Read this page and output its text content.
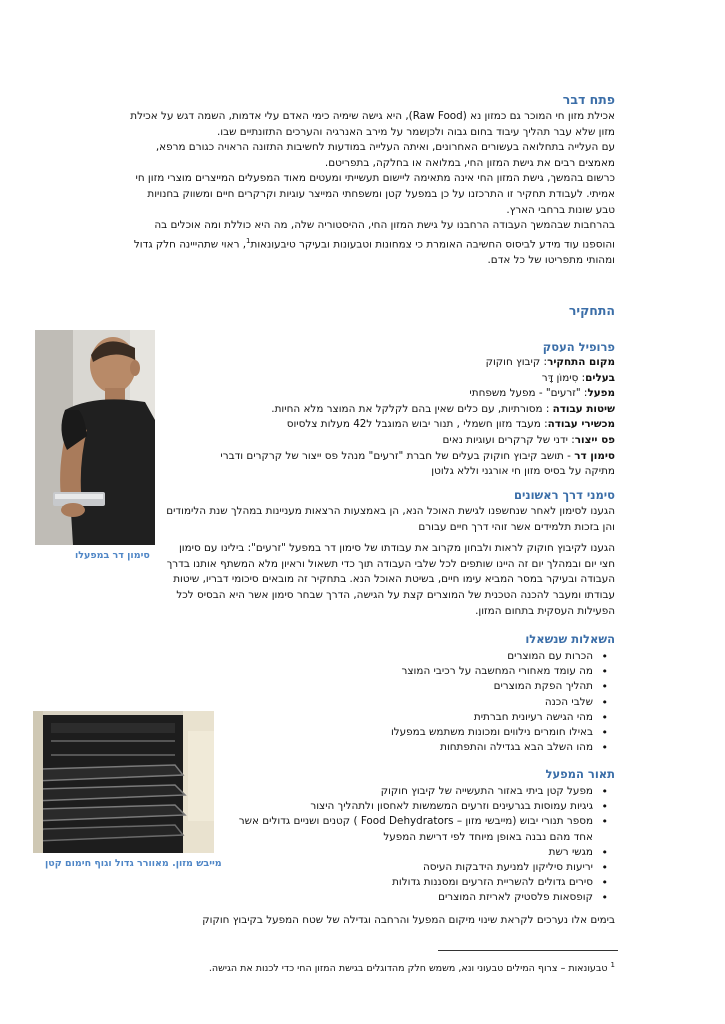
פתח דבר

אכילת מזון חי המוכר גם כמזון נא (Raw Food), היא גישה שימיה כימי האדם עלי אדמות, השמה דגש על אכילת מזון שלא עבר תהליך עיבוד בחום גבוה ולכןשמר על מירב האנרגיה והערכים התזונתיים שבו.

עם העלייה בתחלואה בעשורים האחרונים, ואיתה העלייה במודעות לחשיבות התזונה הראויה כגורם מרפא, מאמצים רבים את גישת המזון החי, במלואה או בחלקה, בתפריטם.

כרשום בהמשך, גישת המזון החי אינה מתאימה ליישום תעשייתי ומעטים מאוד המפעלים המייצרים מוצרי מזון חי אמיתי. לעבודת תחקיר זו התרכזנו על כן במפעל קטן ומשפחתי המייצר עוגיות וקרקרים חיים ומשווק בחנויות טבע שונות ברחבי הארץ.

בהרחבות שבהמשך העבודה הרחבנו על גישת המזון החי, ההיסטוריה שלה, מה היא כוללת ומה אוכלים בה והוספנו עוד מידע לביסוס החשיבה האומרת כי צמחונות וטבעונות ובעיקר טיבעונאות$^1$, ראוי שתהייינה חלק גדול ומהותי מתפריטו של כל אדם.

התחקיר
פרופיל העסק

מקום התחקיר: קיבוץ חוקוק

בעלים: סִימוֹן דָּר

מפעל: "זרעים" - מפעל משפחתי

שיטות עבודה : מסורתיות, עם כלים שאין בהם לקלקל את המוצר מלא החיות.

מכשירי עבודה: מעבד מזון חשמלי , תנור יבוש המוגבל ל42 מעלות צלסיוס

פס ייצור: ידני של קרקרים ועוגיות נאים

סימון דר - תושב קיבוץ חוקוק בעלים של חברת "זרעים" מנהל פס ייצור של קרקרים ודברי מתיקה על בסיס מזון חי אורגני וללא גלוטן

סימני דרך ראשונים

הגענו לסימון לאחר שנחשפנו לגישת האוכל הנא, הן באמצעות הרצאות מעניינות במהלך שנת הלימודים והן בזכות תלמידים אשר זוהי דרך חיים עבורם

הגענו לקיבוץ חוקוק לראות ולבחון מקרוב את עבודתו של סימון דר במפעל "זרעים": בילינו עם סימון חצי יום ובמהלך יום זה היינו שותפים לכל שלבי העבודה תוך כדי תשאול וראיון מלא המשתף אותנו בדרך העבודה ובעיקר במסר המביא עימו חיים, בשיטת האוכל הנא. בתחקיר זה מובאים סיכומי דבריו, שיטות עבודתו ומעבר להכנה הטכנית של המוצרים קצת על הגישה, הדרך שבחר סימון אשר היא הבסיס לכל הפעילות העסקית בתחום המזון.

השאלות שנשאלו
• הכרות עם המוצרים
• מה עומד מאחורי המחשבה על רכיבי המוצר
• תהליך הפקת המוצרים
• שלבי הכנה
• מהי הגישה רעיונית חברתית
• באילו חומרים נילווים ומכונות משתמש במפעלו
• מהו השלב הבא בגדילה והתפתחות
תאור המפעל
• מפעל קטן ביתי באזור התעשייה של קיבוץ חוקוק
• גיגיות עמוסות בגרעינים וזרעים המשמשות לאחסון ולתהליך היצור
• מספר תנורי יבוש (מייבשי מזון – Food Dehydrators ) קטנים ושניים גדולים אשר אחד מהם נבנה באופן מיוחד לפי דרישת המפעל
• מגשי רשת
• יריעות סיליקון למניעת הידבקות העיסה
• סירים גדולים להשריית הזרעים ומסננות גדולות
• קופסאות פלסטיק לאריזת המוצרים

בימים אלו נערכים לקראת שינוי מיקום המפעל והרחבה וגדילה של שטח המפעל בקיבוץ חוקוק

סימון דר במפעלו
מייבש מזון. מאוורר גדול וגוף חימום קטן

$^1$ טבעונאות – צרוף המילים טבעוני ונא, משמש חלק מהדוגלים בגישת המזון החי כדי לכנות את הגישה.
